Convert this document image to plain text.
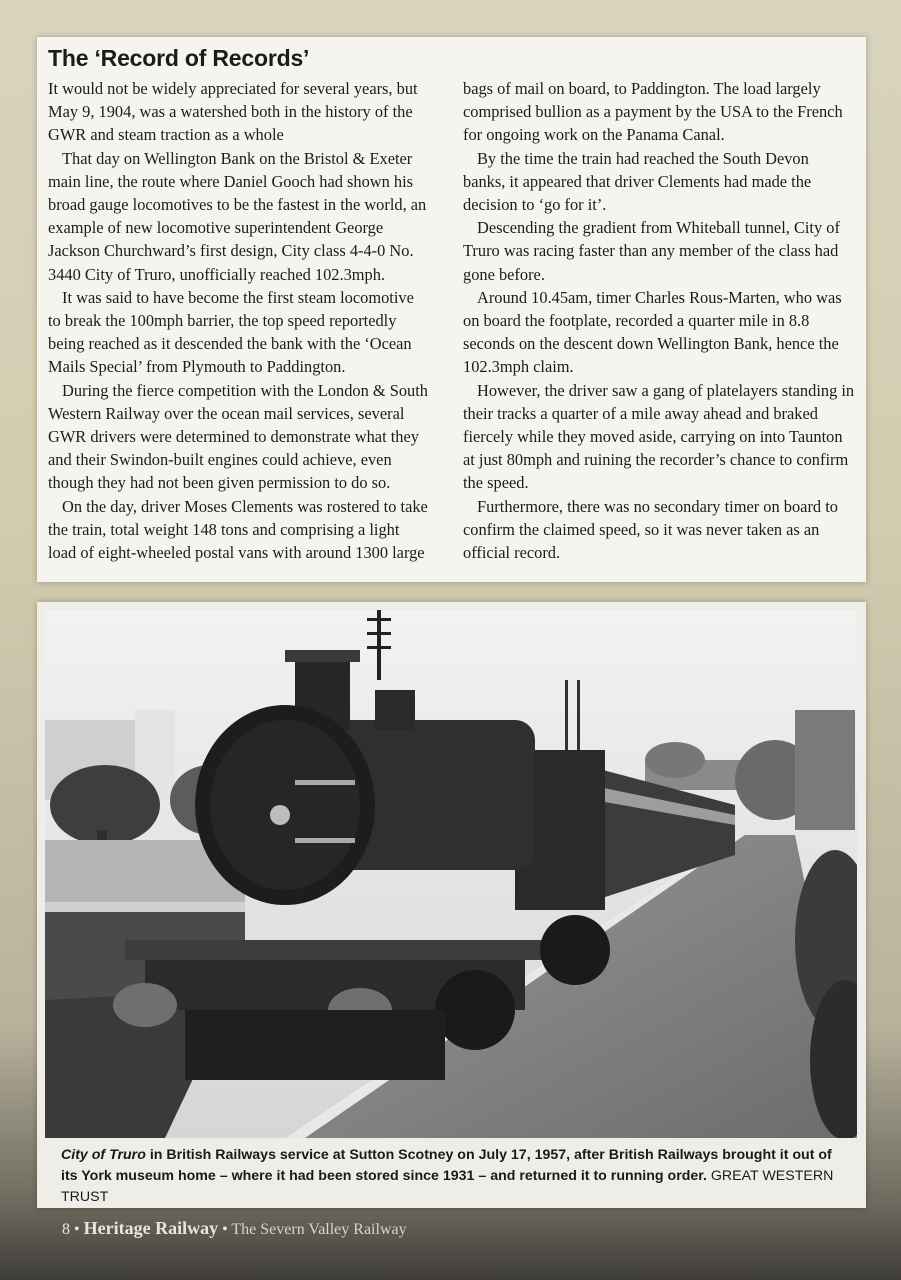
The ‘Record of Records’

It would not be widely appreciated for several years, but May 9, 1904, was a watershed both in the history of the GWR and steam traction as a whole

That day on Wellington Bank on the Bristol & Exeter main line, the route where Daniel Gooch had shown his broad gauge locomotives to be the fastest in the world, an example of new locomotive superintendent George Jackson Churchward’s first design, City class 4-4-0 No. 3440 City of Truro, unofficially reached 102.3mph.

It was said to have become the first steam locomotive to break the 100mph barrier, the top speed reportedly being reached as it descended the bank with the ‘Ocean Mails Special’ from Plymouth to Paddington.

During the fierce competition with the London & South Western Railway over the ocean mail services, several GWR drivers were determined to demonstrate what they and their Swindon-built engines could achieve, even though they had not been given permission to do so.

On the day, driver Moses Clements was rostered to take the train, total weight 148 tons and comprising a light load of eight-wheeled postal vans with around 1300 large

bags of mail on board, to Paddington. The load largely comprised bullion as a payment by the USA to the French for ongoing work on the Panama Canal.

By the time the train had reached the South Devon banks, it appeared that driver Clements had made the decision to ‘go for it’.

Descending the gradient from Whiteball tunnel, City of Truro was racing faster than any member of the class had gone before.

Around 10.45am, timer Charles Rous-Marten, who was on board the footplate, recorded a quarter mile in 8.8 seconds on the descent down Wellington Bank, hence the 102.3mph claim.

However, the driver saw a gang of platelayers standing in their tracks a quarter of a mile away ahead and braked fiercely while they moved aside, carrying on into Taunton at just 80mph and ruining the recorder’s chance to confirm the speed.

Furthermore, there was no secondary timer on board to confirm the claimed speed, so it was never taken as an official record.

City of Truro in British Railways service at Sutton Scotney on July 17, 1957, after British Railways brought it out of its York museum home – where it had been stored since 1931 – and returned it to running order. GREAT WESTERN TRUST
8 • Heritage Railway • The Severn Valley Railway
